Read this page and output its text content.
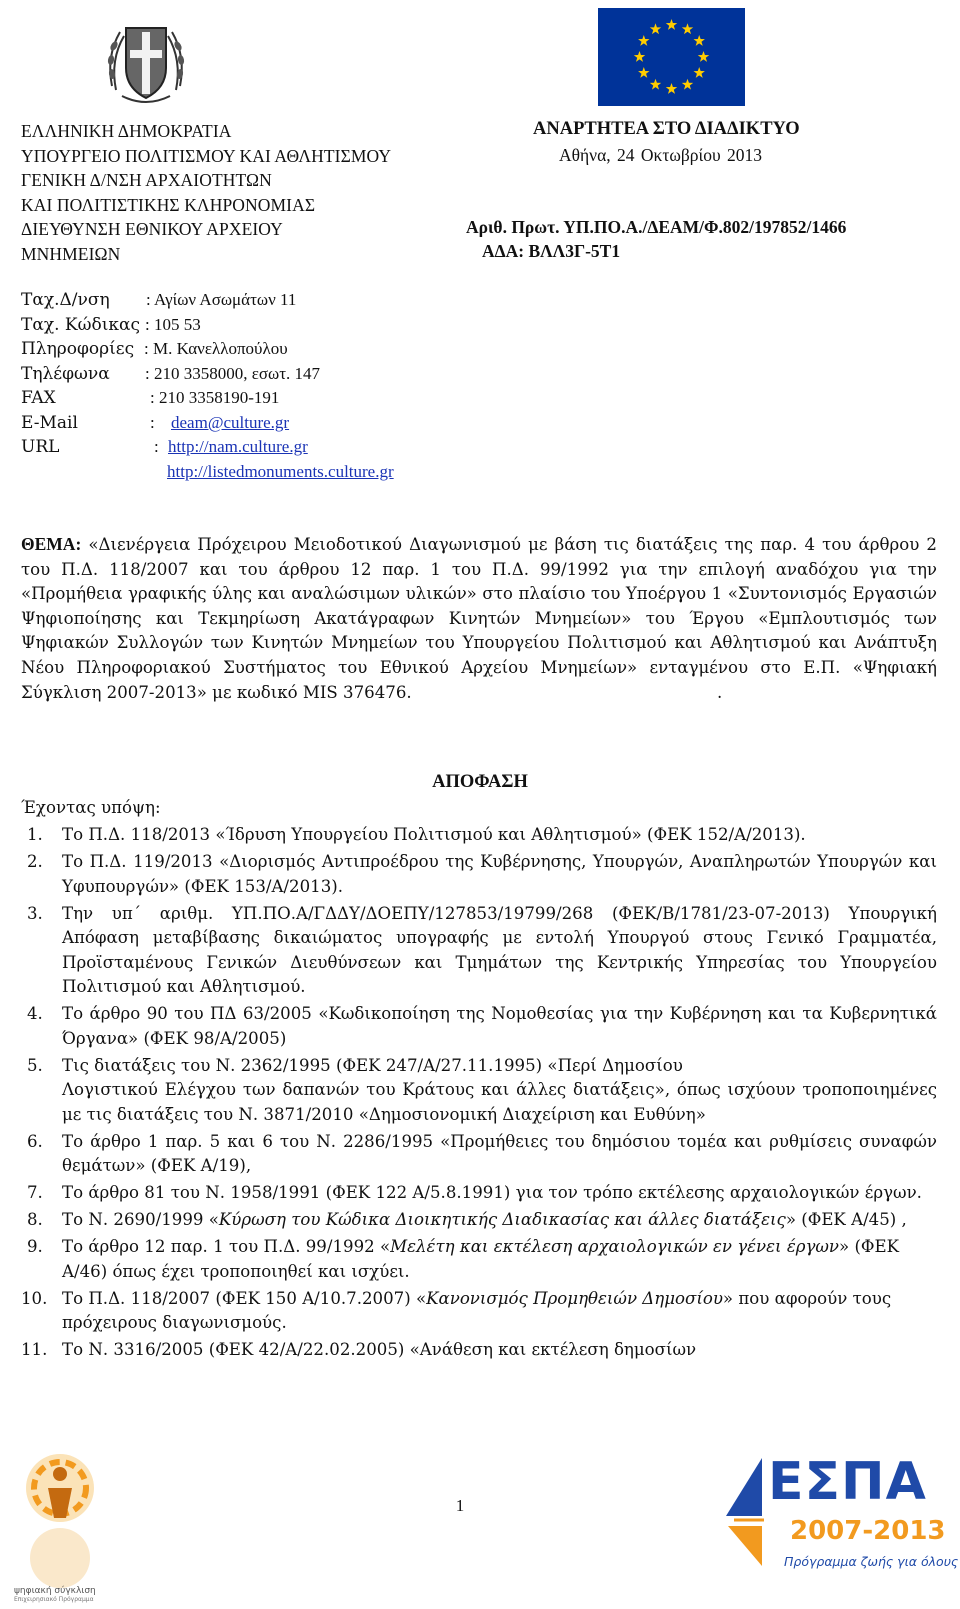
ψηφιακή σύγκλιση
Επιχειρησιακό Πρόγραμμα
ΕΣΠΑ
2007-2013
Πρόγραμμα ζωής για όλους
ΕΛΛΗΝΙΚΗ ΔΗΜΟΚΡΑΤΙΑ
ΥΠΟΥΡΓΕΙΟ ΠΟΛΙΤΙΣΜΟΥ ΚΑΙ ΑΘΛΗΤΙΣΜΟΥ
ΓΕΝΙΚΗ Δ/ΝΣΗ ΑΡΧΑΙΟΤΗΤΩΝ
ΚΑΙ ΠΟΛΙΤΙΣΤΙΚΗΣ ΚΛΗΡΟΝΟΜΙΑΣ
ΔΙΕΥΘΥΝΣΗ ΕΘΝΙΚΟΥ ΑΡΧΕΙΟΥ
ΜΝΗΜΕΙΩΝ
ΑΝΑΡΤΗΤΕΑ ΣΤΟ ΔΙΑΔΙΚΤΥΟ
Αθήνα, 24 Οκτωβρίου 2013
Αριθ. Πρωτ. ΥΠ.ΠΟ.Α./ΔΕΑΜ/Φ.802/197852/1466
ΑΔΑ: ΒΛΛ3Γ-5Τ1
Ταχ.Δ/νση : Αγίων Ασωμάτων 11
Ταχ. Κώδικας : 105 53
Πληροφορίες : Μ. Κανελλοπούλου
Τηλέφωνα : 210 3358000, εσωτ. 147
FAX	: 210 3358190-191
E-Mail	: deam@culture.gr
URL	: http://nam.culture.gr
http://listedmonuments.culture.gr
ΘΕΜΑ: «Διενέργεια Πρόχειρου Μειοδοτικού Διαγωνισμού με βάση τις διατάξεις της παρ. 4 του άρθρου 2 του Π.Δ. 118/2007 και του άρθρου 12 παρ. 1 του Π.Δ. 99/1992 για την επιλογή αναδόχου για την «Προμήθεια γραφικής ύλης και αναλώσιμων υλικών» στο πλαίσιο του Υποέργου 1 «Συντονισμός Εργασιών Ψηφιοποίησης και Τεκμηρίωση Ακατάγραφων Κινητών Μνημείων» του Έργου «Εμπλουτισμός των Ψηφιακών Συλλογών των Κινητών Μνημείων του Υπουργείου Πολιτισμού και Αθλητισμού και Ανάπτυξη Νέου Πληροφοριακού Συστήματος του Εθνικού Αρχείου Μνημείων» ενταγμένου στο Ε.Π. «Ψηφιακή Σύγκλιση 2007-2013» με κωδικό MIS 376476.	.
ΑΠΟΦΑΣΗ
Έχοντας υπόψη:
1. Το Π.Δ. 118/2013 «Ίδρυση Υπουργείου Πολιτισμού και Αθλητισμού» (ΦΕΚ 152/Α/2013).
2. Το Π.Δ. 119/2013 «Διορισμός Αντιπροέδρου της Κυβέρνησης, Υπουργών, Αναπληρωτών Υπουργών και Υφυπουργών» (ΦΕΚ 153/Α/2013).
3. Την υπ΄ αριθμ. ΥΠ.ΠΟ.Α/ΓΔΔΥ/ΔΟΕΠΥ/127853/19799/268 (ΦΕΚ/Β/1781/23-07-2013) Υπουργική Απόφαση μεταβίβασης δικαιώματος υπογραφής με εντολή Υπουργού στους Γενικό Γραμματέα, Προϊσταμένους Γενικών Διευθύνσεων και Τμημάτων της Κεντρικής Υπηρεσίας του Υπουργείου Πολιτισμού και Αθλητισμού.
4. Το άρθρο 90 του ΠΔ 63/2005 «Κωδικοποίηση της Νομοθεσίας για την Κυβέρνηση και τα Κυβερνητικά Όργανα» (ΦΕΚ 98/Α/2005)
5. Τις διατάξεις του Ν. 2362/1995 (ΦΕΚ 247/Α/27.11.1995) «Περί Δημοσίου
Λογιστικού Ελέγχου των δαπανών του Κράτους και άλλες διατάξεις», όπως ισχύουν τροποποιημένες με τις διατάξεις του Ν. 3871/2010 «Δημοσιονομική Διαχείριση και Ευθύνη»
6. Το άρθρο 1 παρ. 5 και 6 του Ν. 2286/1995 «Προμήθειες του δημόσιου τομέα και ρυθμίσεις συναφών θεμάτων» (ΦΕΚ Α/19),
7. Το άρθρο 81 του Ν. 1958/1991 (ΦΕΚ 122 Α/5.8.1991) για τον τρόπο εκτέλεσης αρχαιολογικών έργων.
8. Το Ν. 2690/1999 «Κύρωση του Κώδικα Διοικητικής Διαδικασίας και άλλες διατάξεις» (ΦΕΚ Α/45) ,
9. Το άρθρο 12 παρ. 1 του Π.Δ. 99/1992 «Μελέτη και εκτέλεση αρχαιολογικών εν γένει έργων» (ΦΕΚ Α/46) όπως έχει τροποποιηθεί και ισχύει.
10. Το Π.Δ. 118/2007 (ΦΕΚ 150 Α/10.7.2007) «Κανονισμός Προμηθειών Δημοσίου» που αφορούν τους πρόχειρους διαγωνισμούς.
11. Το Ν. 3316/2005 (ΦΕΚ 42/Α/22.02.2005) «Ανάθεση και εκτέλεση δημοσίων
1
